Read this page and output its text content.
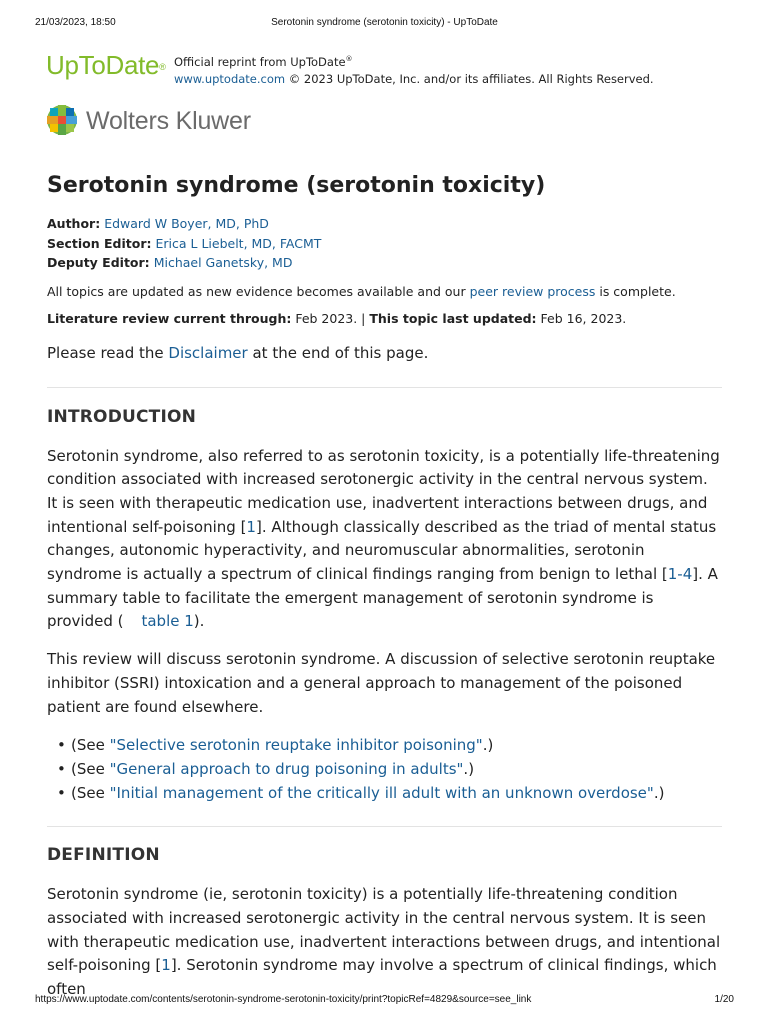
21/03/2023, 18:50	Serotonin syndrome (serotonin toxicity) - UpToDate
UpToDate® Official reprint from UpToDate®
www.uptodate.com © 2023 UpToDate, Inc. and/or its affiliates. All Rights Reserved.
Wolters Kluwer
Serotonin syndrome (serotonin toxicity)
Author: Edward W Boyer, MD, PhD
Section Editor: Erica L Liebelt, MD, FACMT
Deputy Editor: Michael Ganetsky, MD
All topics are updated as new evidence becomes available and our peer review process is complete.
Literature review current through: Feb 2023. | This topic last updated: Feb 16, 2023.
Please read the Disclaimer at the end of this page.
INTRODUCTION

Serotonin syndrome, also referred to as serotonin toxicity, is a potentially life-threatening condition associated with increased serotonergic activity in the central nervous system. It is seen with therapeutic medication use, inadvertent interactions between drugs, and intentional self-poisoning [1]. Although classically described as the triad of mental status changes, autonomic hyperactivity, and neuromuscular abnormalities, serotonin syndrome is actually a spectrum of clinical findings ranging from benign to lethal [1-4]. A summary table to facilitate the emergent management of serotonin syndrome is provided ( table 1).

This review will discuss serotonin syndrome. A discussion of selective serotonin reuptake inhibitor (SSRI) intoxication and a general approach to management of the poisoned patient are found elsewhere.

• (See "Selective serotonin reuptake inhibitor poisoning".)
• (See "General approach to drug poisoning in adults".)
• (See "Initial management of the critically ill adult with an unknown overdose".)
DEFINITION

Serotonin syndrome (ie, serotonin toxicity) is a potentially life-threatening condition associated with increased serotonergic activity in the central nervous system. It is seen with therapeutic medication use, inadvertent interactions between drugs, and intentional self-poisoning [1]. Serotonin syndrome may involve a spectrum of clinical findings, which often

https://www.uptodate.com/contents/serotonin-syndrome-serotonin-toxicity/print?topicRef=4829&source=see_link	1/20
